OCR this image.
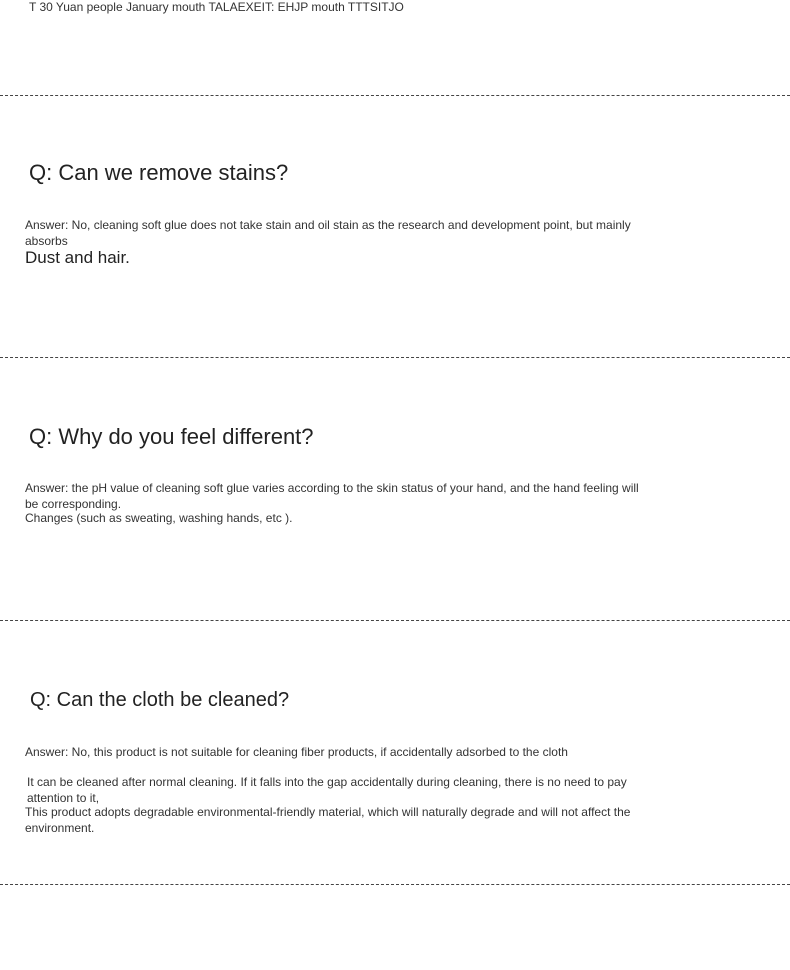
T 30 Yuan people January mouth TALAEXEIT: EHJP mouth TTTSITJO
Q: Can we remove stains?
Answer: No, cleaning soft glue does not take stain and oil stain as the research and development point, but mainly absorbs
Dust and hair.
Q: Why do you feel different?
Answer: the pH value of cleaning soft glue varies according to the skin status of your hand, and the hand feeling will be corresponding.
Changes (such as sweating, washing hands, etc ).
Q: Can the cloth be cleaned?
Answer: No, this product is not suitable for cleaning fiber products, if accidentally adsorbed to the cloth
It can be cleaned after normal cleaning. If it falls into the gap accidentally during cleaning, there is no need to pay attention to it,
This product adopts degradable environmental-friendly material, which will naturally degrade and will not affect the environment.
